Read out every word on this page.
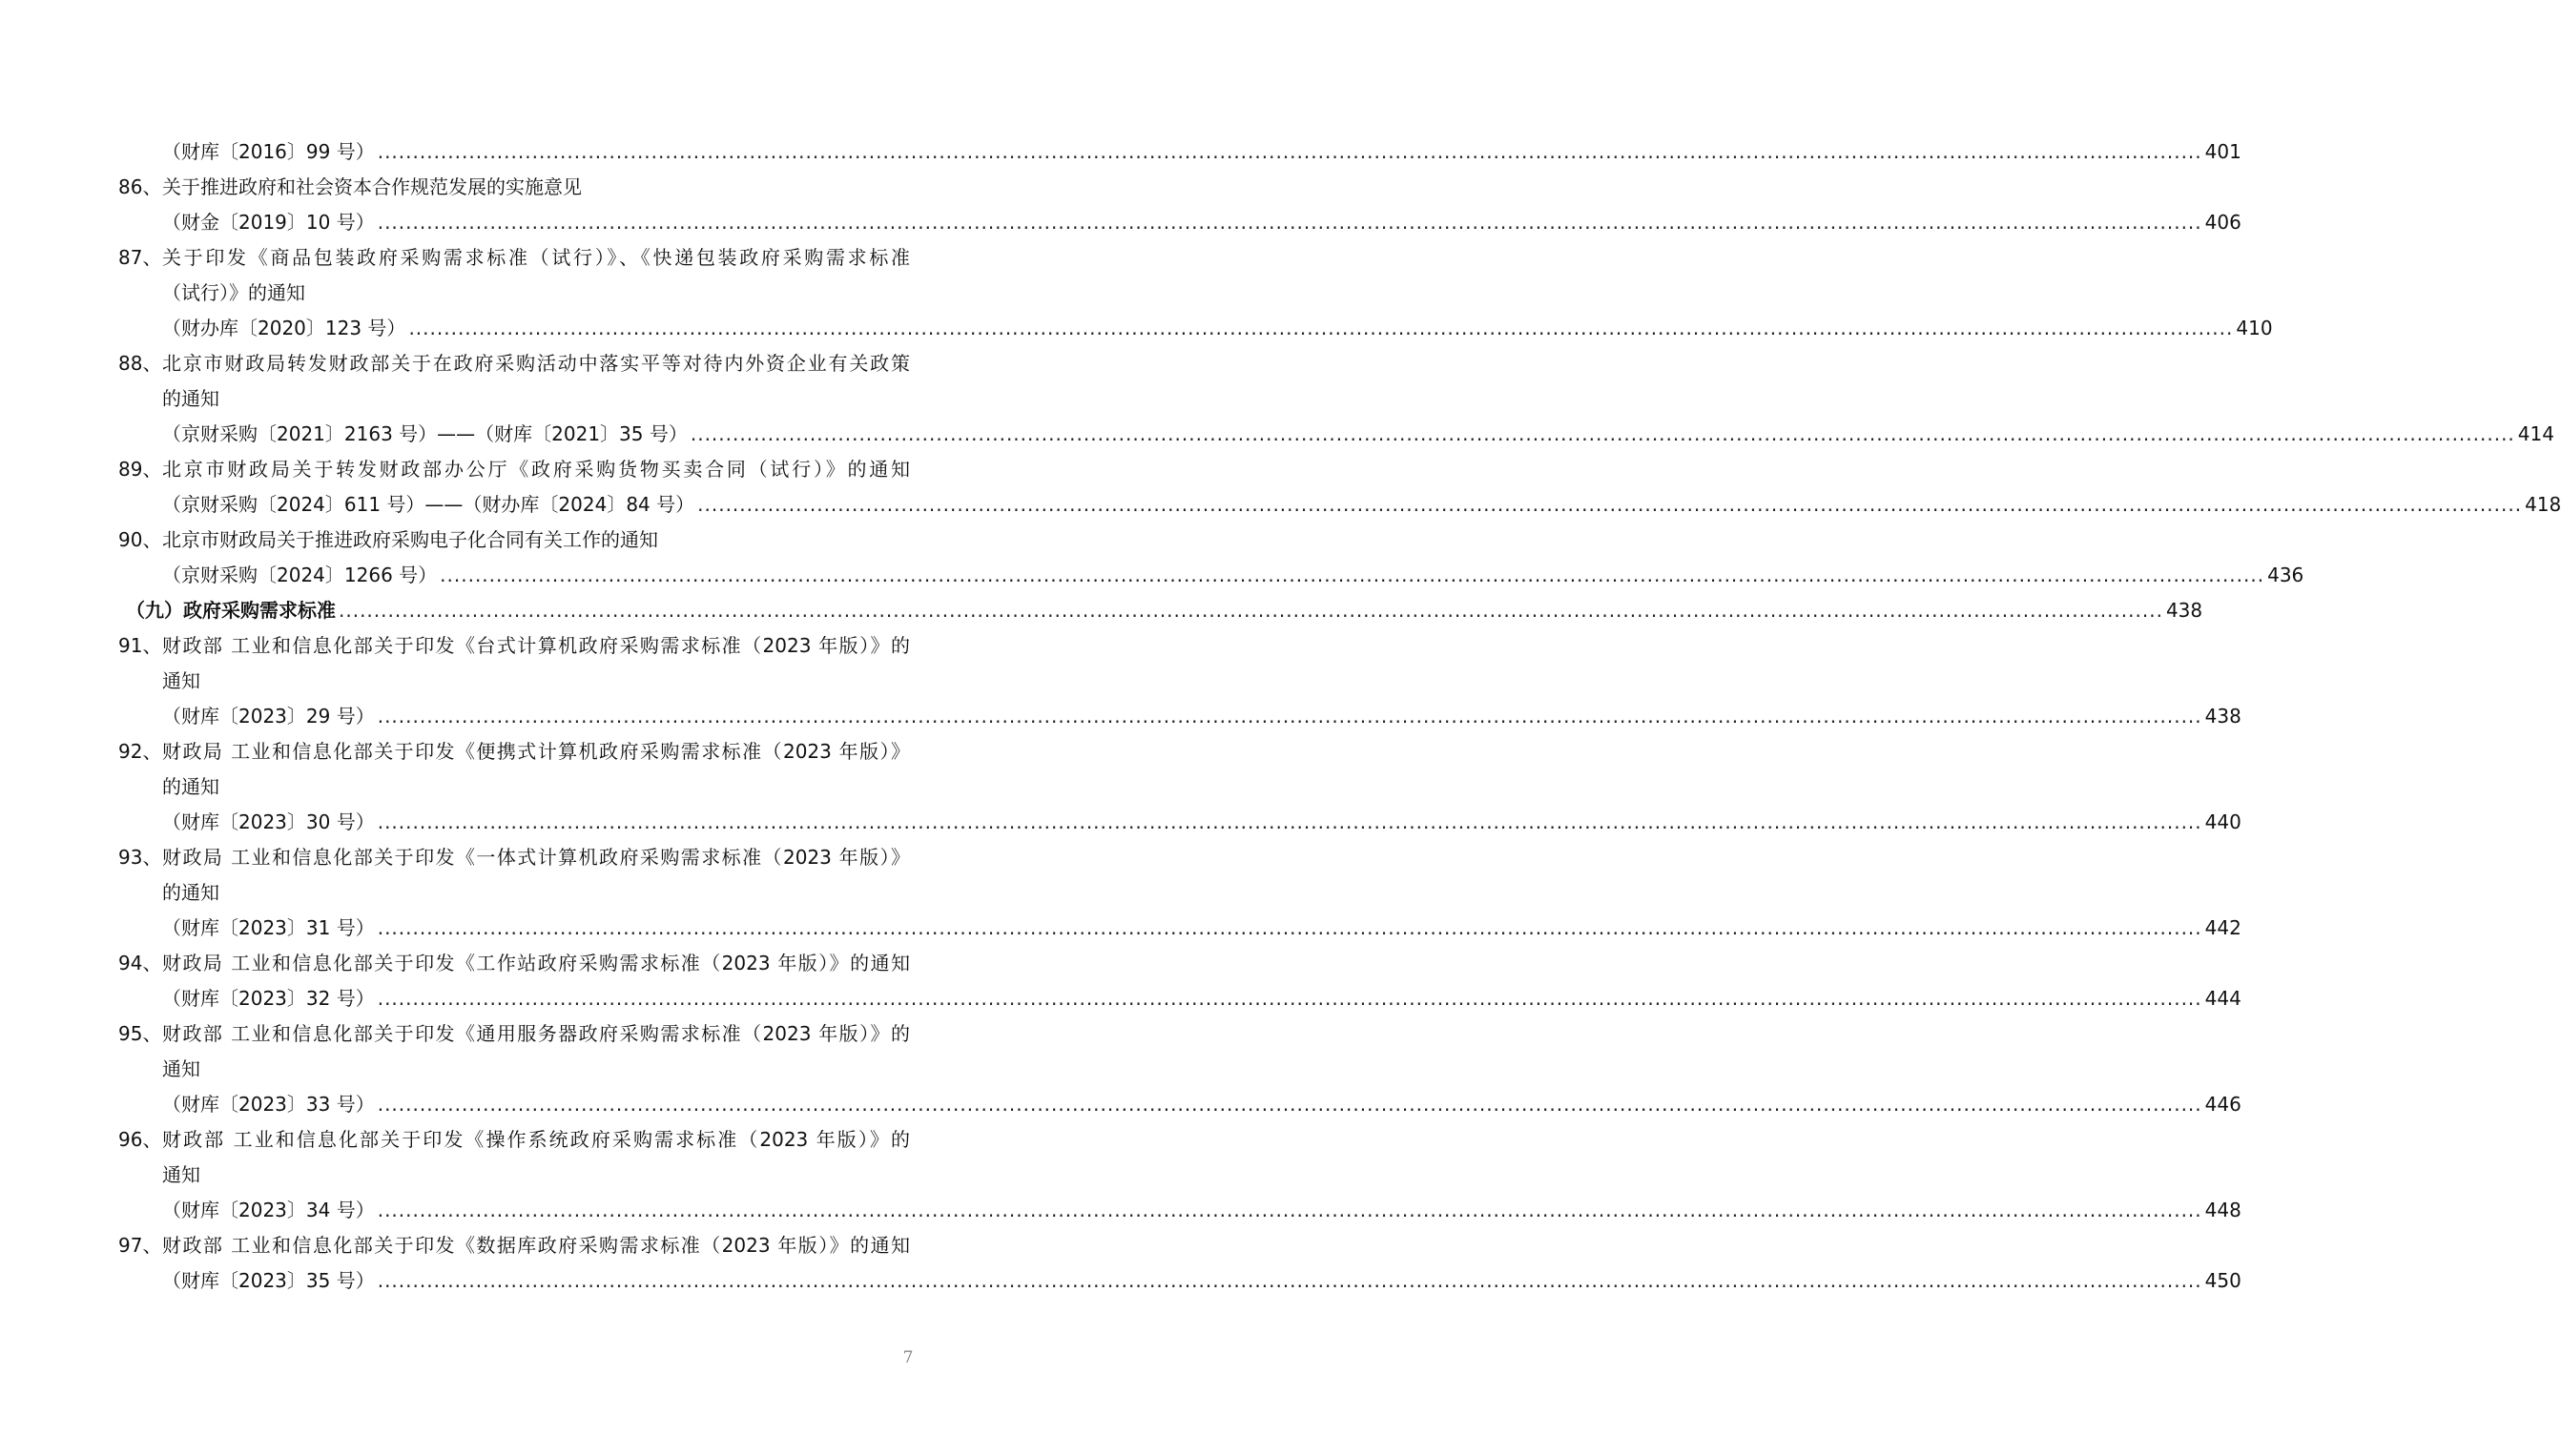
（财库〔2016〕99 号） .................................................................................................................................................................................................................................................................... 401
86、 关于推进政府和社会资本合作规范发展的实施意见
（财金〔2019〕10 号） .................................................................................................................................................................................................................................................................... 406
87、 关于印发《商品包装政府采购需求标准（试行）》、《快递包装政府采购需求标准
（试行）》的通知
（财办库〔2020〕123 号） .................................................................................................................................................................................................................................................................... 410
88、 北京市财政局转发财政部关于在政府采购活动中落实平等对待内外资企业有关政策
的通知
（京财采购〔2021〕2163 号）——（财库〔2021〕35 号） .................................................................................................................................................................................................................................................................... 414
89、 北京市财政局关于转发财政部办公厅《政府采购货物买卖合同（试行）》的通知
（京财采购〔2024〕611 号）——（财办库〔2024〕84 号） .................................................................................................................................................................................................................................................................... 418
90、 北京市财政局关于推进政府采购电子化合同有关工作的通知
（京财采购〔2024〕1266 号） .................................................................................................................................................................................................................................................................... 436
（九）政府采购需求标准 .................................................................................................................................................................................................................................................................... 438
91、 财政部 工业和信息化部关于印发《台式计算机政府采购需求标准（2023 年版）》的
通知
（财库〔2023〕29 号） .................................................................................................................................................................................................................................................................... 438
92、 财政局 工业和信息化部关于印发《便携式计算机政府采购需求标准（2023 年版）》
的通知
（财库〔2023〕30 号） .................................................................................................................................................................................................................................................................... 440
93、 财政局 工业和信息化部关于印发《一体式计算机政府采购需求标准（2023 年版）》
的通知
（财库〔2023〕31 号） .................................................................................................................................................................................................................................................................... 442
94、 财政局 工业和信息化部关于印发《工作站政府采购需求标准（2023 年版）》的通知
（财库〔2023〕32 号） .................................................................................................................................................................................................................................................................... 444
95、 财政部 工业和信息化部关于印发《通用服务器政府采购需求标准（2023 年版）》的
通知
（财库〔2023〕33 号） .................................................................................................................................................................................................................................................................... 446
96、 财政部 工业和信息化部关于印发《操作系统政府采购需求标准（2023 年版）》的
通知
（财库〔2023〕34 号） .................................................................................................................................................................................................................................................................... 448
97、 财政部 工业和信息化部关于印发《数据库政府采购需求标准（2023 年版）》的通知
（财库〔2023〕35 号） .................................................................................................................................................................................................................................................................... 450
7
